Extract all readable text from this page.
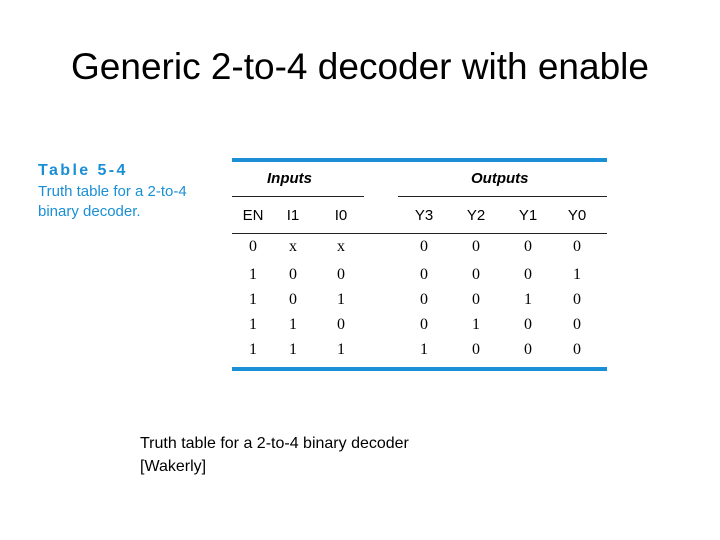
Generic 2-to-4 decoder with enable
Table 5-4
Truth table for a 2-to-4
binary decoder.
Inputs	Outputs
EN	I1	I0	Y3	Y2	Y1	Y0
0	x	x	0	0	0	0
1	0	0	0	0	0	1
1	0	1	0	0	1	0
1	1	0	0	1	0	0
1	1	1	1	0	0	0
Truth table for a 2-to-4 binary decoder
[Wakerly]
